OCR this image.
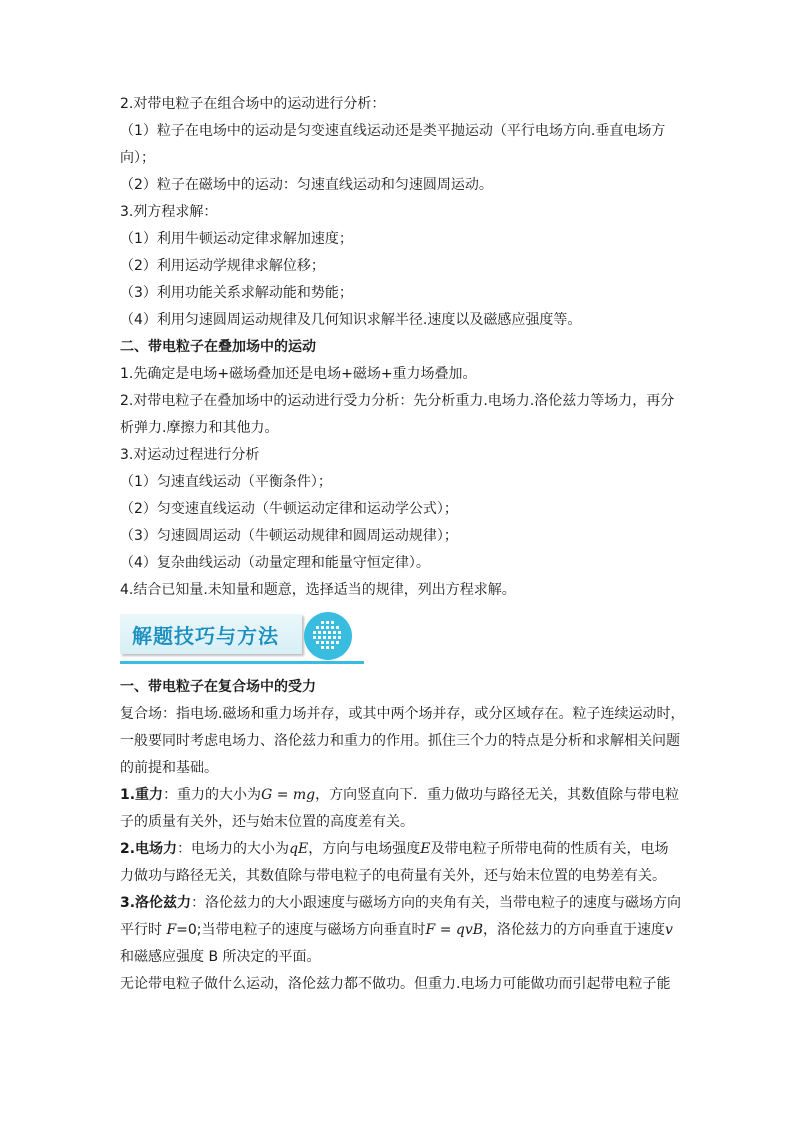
2.对带电粒子在组合场中的运动进行分析：
（1）粒子在电场中的运动是匀变速直线运动还是类平抛运动（平行电场方向.垂直电场方
向）；
（2）粒子在磁场中的运动：匀速直线运动和匀速圆周运动。
3.列方程求解：
（1）利用牛顿运动定律求解加速度；
（2）利用运动学规律求解位移；
（3）利用功能关系求解动能和势能；
（4）利用匀速圆周运动规律及几何知识求解半径.速度以及磁感应强度等。
二、带电粒子在叠加场中的运动
1.先确定是电场+磁场叠加还是电场+磁场+重力场叠加。
2.对带电粒子在叠加场中的运动进行受力分析：先分析重力.电场力.洛伦兹力等场力，再分
析弹力.摩擦力和其他力。
3.对运动过程进行分析
（1）匀速直线运动（平衡条件）；
（2）匀变速直线运动（牛顿运动定律和运动学公式）；
（3）匀速圆周运动（牛顿运动规律和圆周运动规律）；
（4）复杂曲线运动（动量定理和能量守恒定律）。
4.结合已知量.未知量和题意，选择适当的规律，列出方程求解。
解题技巧与方法
一、带电粒子在复合场中的受力
复合场：指电场.磁场和重力场并存，或其中两个场并存，或分区域存在。粒子连续运动时，
一般要同时考虑电场力、洛伦兹力和重力的作用。抓住三个力的特点是分析和求解相关问题
的前提和基础。
1.重力：重力的大小为G = mg，方向竖直向下．重力做功与路径无关，其数值除与带电粒
子的质量有关外，还与始末位置的高度差有关。
2.电场力：电场力的大小为qE，方向与电场强度E及带电粒子所带电荷的性质有关，电场
力做功与路径无关，其数值除与带电粒子的电荷量有关外，还与始末位置的电势差有关。
3.洛伦兹力：洛伦兹力的大小跟速度与磁场方向的夹角有关，当带电粒子的速度与磁场方向
平行时 F=0;当带电粒子的速度与磁场方向垂直时F = qvB，洛伦兹力的方向垂直于速度v
和磁感应强度 B 所决定的平面。
无论带电粒子做什么运动，洛伦兹力都不做功。但重力.电场力可能做功而引起带电粒子能
